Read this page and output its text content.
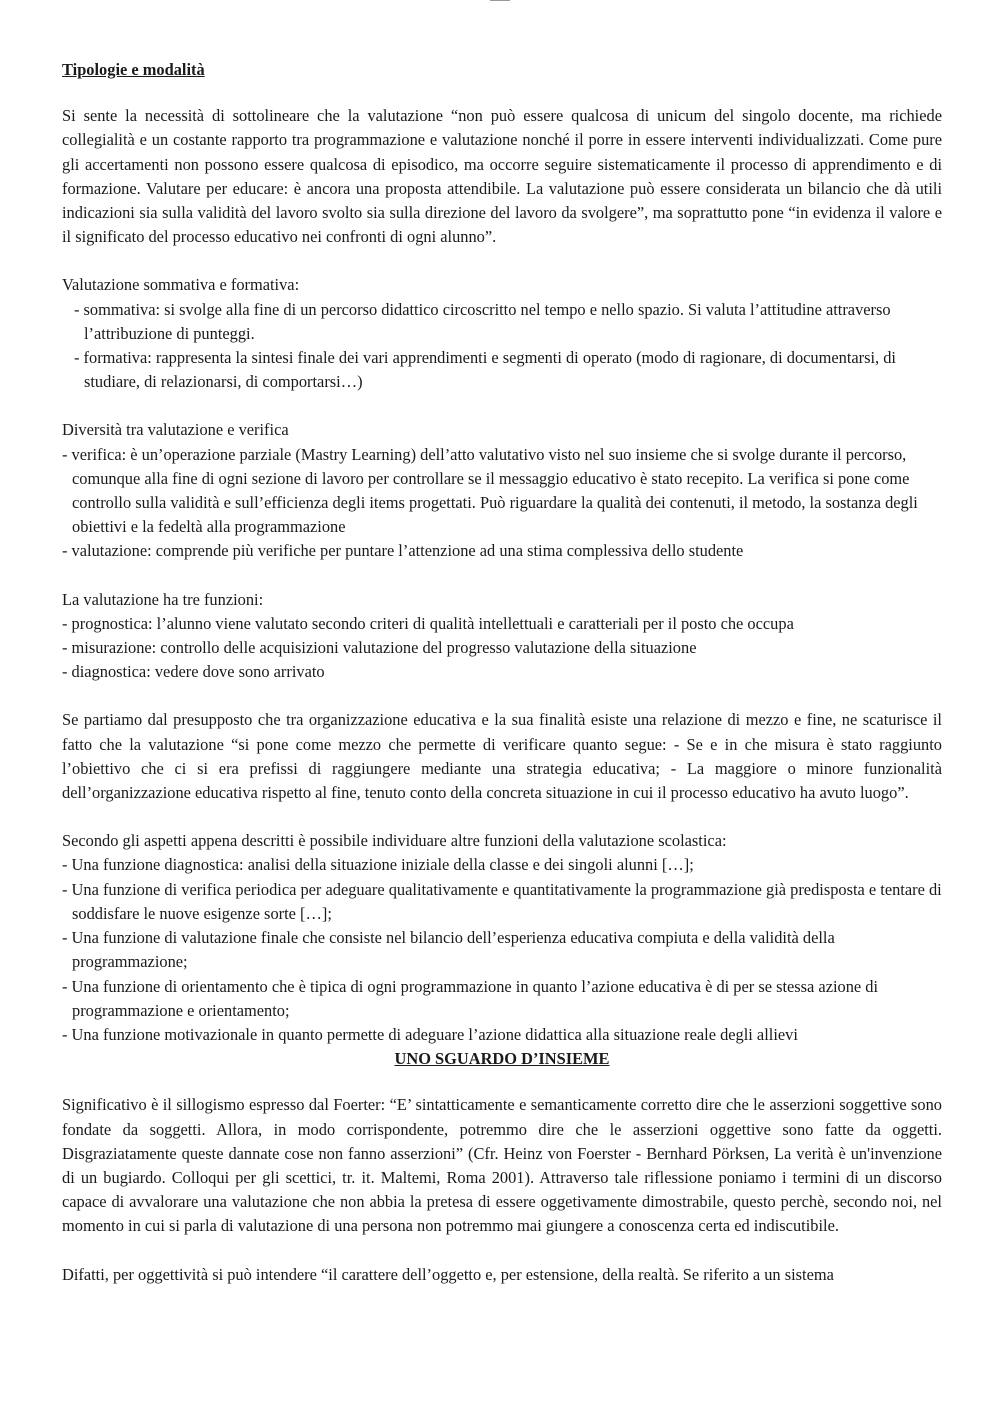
Tipologie e modalità

Si sente la necessità di sottolineare che la valutazione “non può essere qualcosa di unicum del singolo docente, ma richiede collegialità e un costante rapporto tra programmazione e valutazione nonché il porre in essere interventi individualizzati. Come pure gli accertamenti non possono essere qualcosa di episodico, ma occorre seguire sistematicamente il processo di apprendimento e di formazione. Valutare per educare: è ancora una proposta attendibile. La valutazione può essere considerata un bilancio che dà utili indicazioni sia sulla validità del lavoro svolto sia sulla direzione del lavoro da svolgere”, ma soprattutto pone “in evidenza il valore e il significato del processo educativo nei confronti di ogni alunno”.

Valutazione sommativa e formativa:
- sommativa: si svolge alla fine di un percorso didattico circoscritto nel tempo e nello spazio. Si valuta l’attitudine attraverso l’attribuzione di punteggi.
- formativa: rappresenta la sintesi finale dei vari apprendimenti e segmenti di operato (modo di ragionare, di documentarsi, di studiare, di relazionarsi, di comportarsi…)
Diversità tra valutazione e verifica
- verifica: è un’operazione parziale (Mastry Learning) dell’atto valutativo visto nel suo insieme che si svolge durante il percorso, comunque alla fine di ogni sezione di lavoro per controllare se il messaggio educativo è stato recepito. La verifica si pone come controllo sulla validità e sull’efficienza degli items progettati. Può riguardare la qualità dei contenuti, il metodo, la sostanza degli obiettivi e la fedeltà alla programmazione
- valutazione: comprende più verifiche per puntare l’attenzione ad una stima complessiva dello studente
La valutazione ha tre funzioni:
- prognostica: l’alunno viene valutato secondo criteri di qualità intellettuali e caratteriali per il posto che occupa
- misurazione: controllo delle acquisizioni valutazione del progresso valutazione della situazione
- diagnostica: vedere dove sono arrivato

Se partiamo dal presupposto che tra organizzazione educativa e la sua finalità esiste una relazione di mezzo e fine, ne scaturisce il fatto che la valutazione “si pone come mezzo che permette di verificare quanto segue: - Se e in che misura è stato raggiunto l’obiettivo che ci si era prefissi di raggiungere mediante una strategia educativa; - La maggiore o minore funzionalità dell’organizzazione educativa rispetto al fine, tenuto conto della concreta situazione in cui il processo educativo ha avuto luogo”.

Secondo gli aspetti appena descritti è possibile individuare altre funzioni della valutazione scolastica:
- Una funzione diagnostica: analisi della situazione iniziale della classe e dei singoli alunni […];
- Una funzione di verifica periodica per adeguare qualitativamente e quantitativamente la programmazione già predisposta e tentare di soddisfare le nuove esigenze sorte […];
- Una funzione di valutazione finale che consiste nel bilancio dell’esperienza educativa compiuta e della validità della programmazione;
- Una funzione di orientamento che è tipica di ogni programmazione in quanto l’azione educativa è di per se stessa azione di programmazione e orientamento;
- Una funzione motivazionale in quanto permette di adeguare l’azione didattica alla situazione reale degli allievi
UNO SGUARDO D’INSIEME

Significativo è il sillogismo espresso dal Foerter: “E’ sintatticamente e semanticamente corretto dire che le asserzioni soggettive sono fondate da soggetti. Allora, in modo corrispondente, potremmo dire che le asserzioni oggettive sono fatte da oggetti. Disgraziatamente queste dannate cose non fanno asserzioni” (Cfr. Heinz von Foerster - Bernhard Pörksen, La verità è un'invenzione di un bugiardo. Colloqui per gli scettici, tr. it. Maltemi, Roma 2001). Attraverso tale riflessione poniamo i termini di un discorso capace di avvalorare una valutazione che non abbia la pretesa di essere oggetivamente dimostrabile, questo perchè, secondo noi, nel momento in cui si parla di valutazione di una persona non potremmo mai giungere a conoscenza certa ed indiscutibile.

Difatti, per oggettività si può intendere “il carattere dell’oggetto e, per estensione, della realtà. Se riferito a un sistema
